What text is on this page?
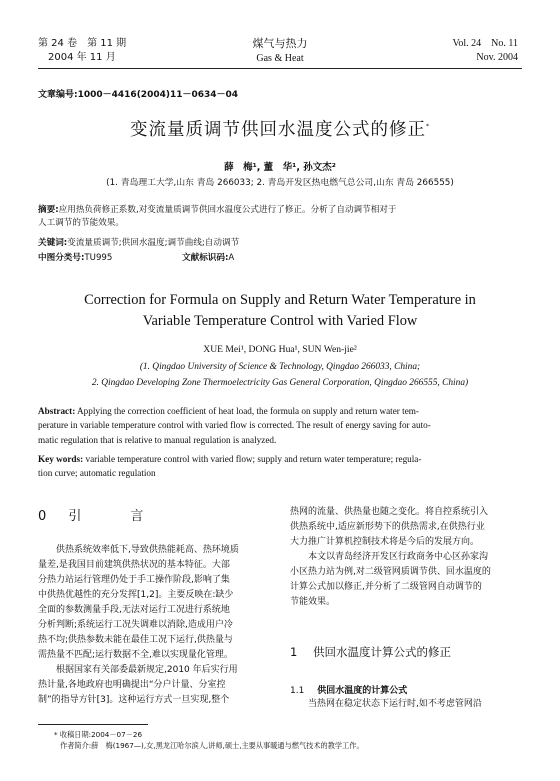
第 24 卷　第 11 期
2004 年 11 月
煤气与热力
Gas & Heat
Vol. 24　No. 11
Nov. 2004
文章编号:1000－4416(2004)11－0634－04
变流量质调节供回水温度公式的修正*
薛　梅¹, 董　华¹, 孙文杰²
(1. 青岛理工大学,山东 青岛 266033; 2. 青岛开发区热电燃气总公司,山东 青岛 266555)

摘要:应用热负荷修正系数,对变流量质调节供回水温度公式进行了修正。分析了自动调节相对于

人工调节的节能效果。

关键词:变流量质调节;供回水温度;调节曲线;自动调节
中图分类号:TU995	文献标识码:A

Correction for Formula on Supply and Return Water Temperature in

Variable Temperature Control with Varied Flow

XUE Mei¹, DONG Hua¹, SUN Wen-jie²

(1. Qingdao University of Science & Technology, Qingdao 266033, China;

2. Qingdao Developing Zone Thermoelectricity Gas General Corporation, Qingdao 266555, China)

Abstract: Applying the correction coefficient of heat load, the formula on supply and return water tem-

perature in variable temperature control with varied flow is corrected. The result of energy saving for auto-

matic regulation that is relative to manual regulation is analyzed.

Key words: variable temperature control with varied flow; supply and return water temperature; regula-

tion curve; automatic regulation

0 引　言

供热系统效率低下,导致供热能耗高、热环境质

量差,是我国目前建筑供热状况的基本特征。大部

分热力站运行管理仍处于手工操作阶段,影响了集

中供热优越性的充分发挥[1,2]。主要反映在:缺少

全面的参数测量手段,无法对运行工况进行系统地

分析判断;系统运行工况失调难以消除,造成用户冷

热不均;供热参数未能在最佳工况下运行,供热量与

需热量不匹配;运行数据不全,难以实现量化管理。

根据国家有关部委最新规定,2010 年后实行用

热计量,各地政府也明确提出“分户计量、分室控

制”的指导方针[3]。这种运行方式一旦实现,整个

热网的流量、供热量也随之变化。将自控系统引入

供热系统中,适应新形势下的供热需求,在供热行业

大力推广计算机控制技术将是今后的发展方向。

本文以青岛经济开发区行政商务中心区孙家沟

小区热力站为例,对二级管网质调节供、回水温度的

计算公式加以修正,并分析了二级管网自动调节的

节能效果。

1 供回水温度计算公式的修正
1.1 供回水温度的计算公式
当热网在稳定状态下运行时,如不考虑管网沿

* 收稿日期:2004－07－26

作者简介:薛　梅(1967—),女,黑龙江哈尔滨人,讲师,硕士,主要从事暖通与燃气技术的教学工作。
